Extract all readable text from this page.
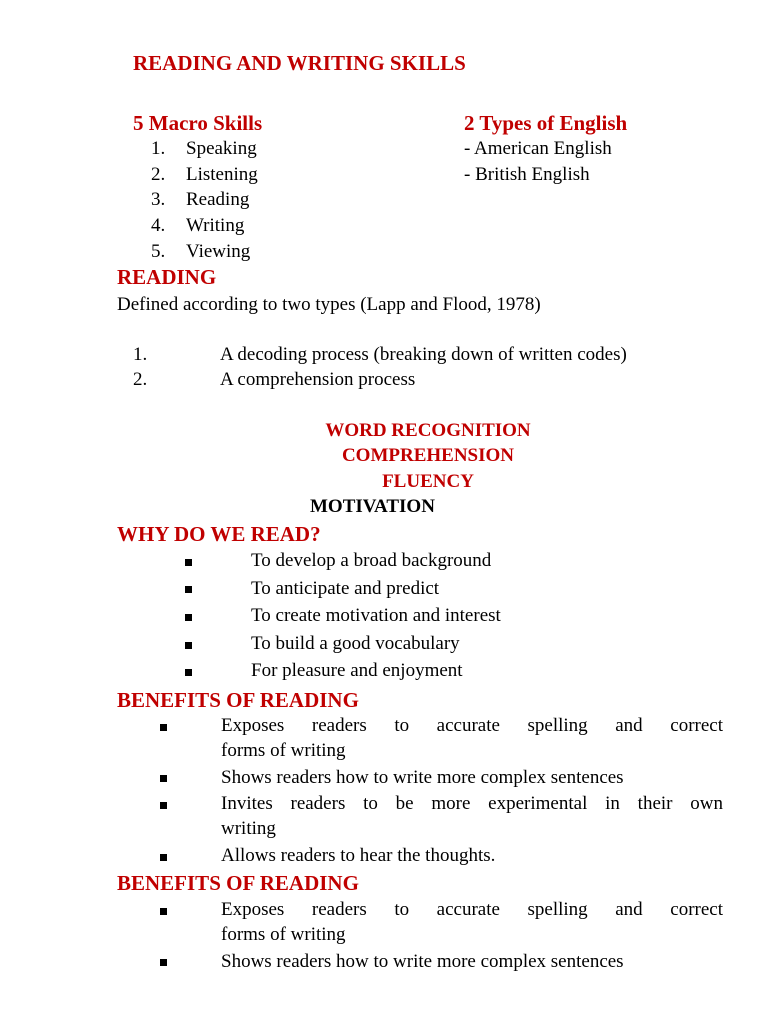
READING AND WRITING SKILLS
5 Macro Skills
1. Speaking
2. Listening
3. Reading
4. Writing
5. Viewing
2 Types of English
- American English
- British English
READING
Defined according to two types (Lapp and Flood, 1978)
1.	A decoding process (breaking down of written codes)
2.	A comprehension process
WORD RECOGNITION
COMPREHENSION
FLUENCY
MOTIVATION
WHY DO WE READ?
To develop a broad background
To anticipate and predict
To create motivation and interest
To build a good vocabulary
For pleasure and enjoyment
BENEFITS OF READING
Exposes readers to accurate spelling and correct
forms of writing
Shows readers how to write more complex sentences
Invites readers to be more experimental in their own
writing
Allows readers to hear the thoughts.
BENEFITS OF READING
Exposes readers to accurate spelling and correct
forms of writing
Shows readers how to write more complex sentences
